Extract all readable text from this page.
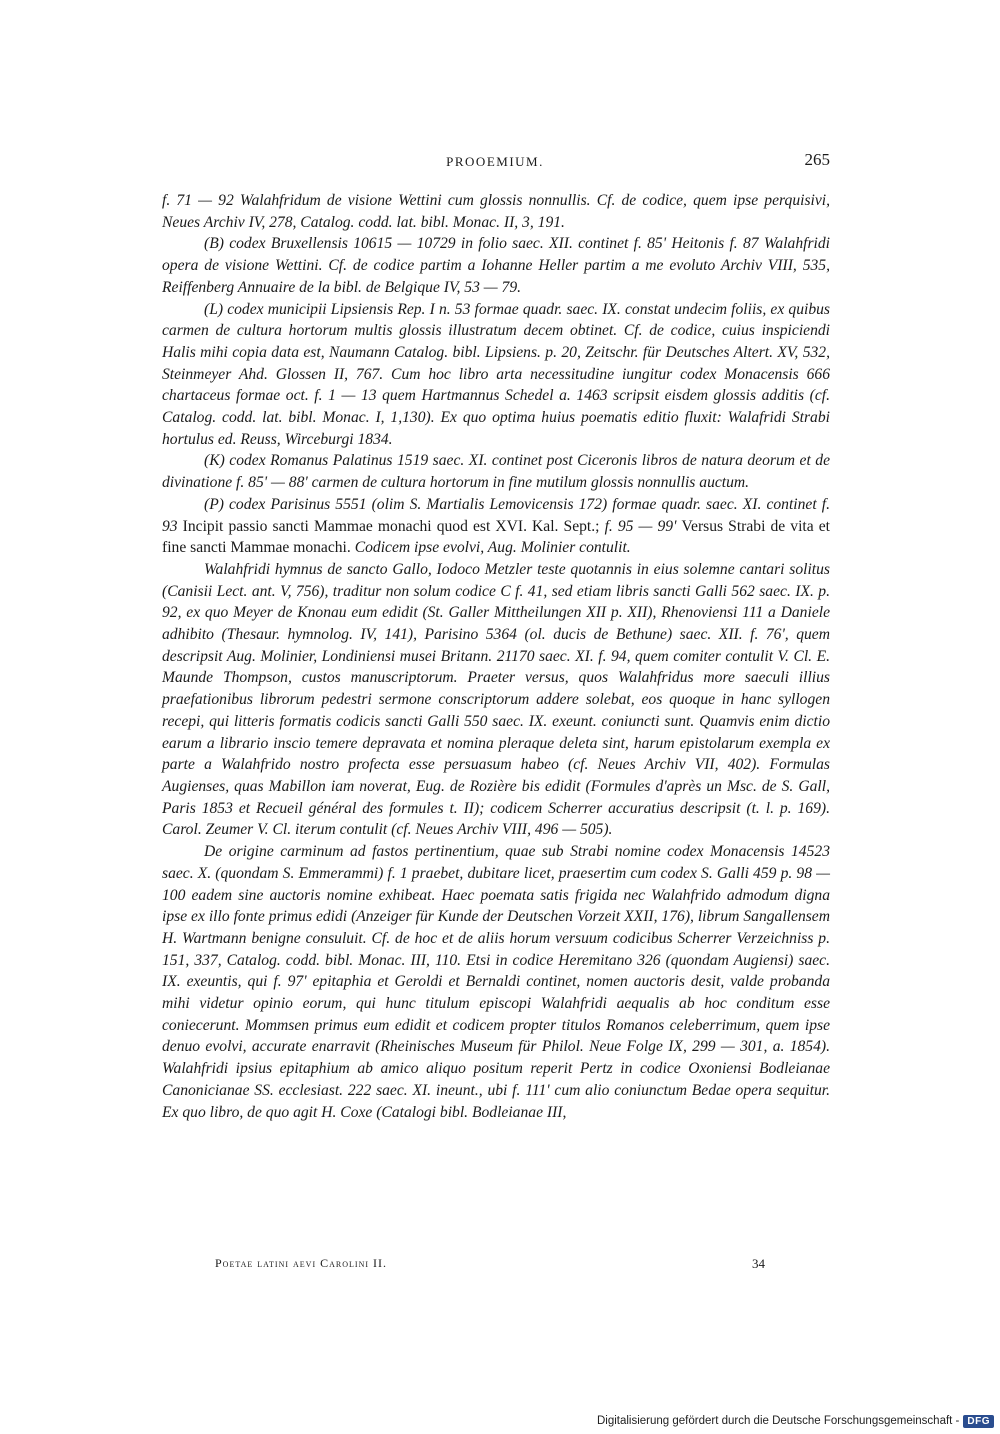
PROOEMIUM.	265

f. 71 — 92 Walahfridum de visione Wettini cum glossis nonnullis. Cf. de codice, quem ipse perquisivi, Neues Archiv IV, 278, Catalog. codd. lat. bibl. Monac. II, 3, 191.

(B) codex Bruxellensis 10615 — 10729 in folio saec. XII. continet f. 85' Heitonis f. 87 Walahfridi opera de visione Wettini. Cf. de codice partim a Iohanne Heller partim a me evoluto Archiv VIII, 535, Reiffenberg Annuaire de la bibl. de Belgique IV, 53 — 79.

(L) codex municipii Lipsiensis Rep. I n. 53 formae quadr. saec. IX. constat undecim foliis, ex quibus carmen de cultura hortorum multis glossis illustratum decem obtinet. Cf. de codice, cuius inspiciendi Halis mihi copia data est, Naumann Catalog. bibl. Lipsiens. p. 20, Zeitschr. für Deutsches Altert. XV, 532, Steinmeyer Ahd. Glossen II, 767. Cum hoc libro arta necessitudine iungitur codex Monacensis 666 chartaceus formae oct. f. 1 — 13 quem Hartmannus Schedel a. 1463 scripsit eisdem glossis additis (cf. Catalog. codd. lat. bibl. Monac. I, 1,130). Ex quo optima huius poematis editio fluxit: Walafridi Strabi hortulus ed. Reuss, Wirceburgi 1834.

(K) codex Romanus Palatinus 1519 saec. XI. continet post Ciceronis libros de natura deorum et de divinatione f. 85' — 88' carmen de cultura hortorum in fine mutilum glossis nonnullis auctum.

(P) codex Parisinus 5551 (olim S. Martialis Lemovicensis 172) formae quadr. saec. XI. continet f. 93 Incipit passio sancti Mammae monachi quod est XVI. Kal. Sept.; f. 95 — 99' Versus Strabi de vita et fine sancti Mammae monachi. Codicem ipse evolvi, Aug. Molinier contulit.

Walahfridi hymnus de sancto Gallo, Iodoco Metzler teste quotannis in eius solemne cantari solitus (Canisii Lect. ant. V, 756), traditur non solum codice C f. 41, sed etiam libris sancti Galli 562 saec. IX. p. 92, ex quo Meyer de Knonau eum edidit (St. Galler Mittheilungen XII p. XII), Rhenoviensi 111 a Daniele adhibito (Thesaur. hymnolog. IV, 141), Parisino 5364 (ol. ducis de Bethune) saec. XII. f. 76', quem descripsit Aug. Molinier, Londiniensi musei Britann. 21170 saec. XI. f. 94, quem comiter contulit V. Cl. E. Maunde Thompson, custos manuscriptorum. Praeter versus, quos Walahfridus more saeculi illius praefationibus librorum pedestri sermone conscriptorum addere solebat, eos quoque in hanc syllogen recepi, qui litteris formatis codicis sancti Galli 550 saec. IX. exeunt. coniuncti sunt. Quamvis enim dictio earum a librario inscio temere depravata et nomina pleraque deleta sint, harum epistolarum exempla ex parte a Walahfrido nostro profecta esse persuasum habeo (cf. Neues Archiv VII, 402). Formulas Augienses, quas Mabillon iam noverat, Eug. de Rozière bis edidit (Formules d'après un Msc. de S. Gall, Paris 1853 et Recueil général des formules t. II); codicem Scherrer accuratius descripsit (t. l. p. 169). Carol. Zeumer V. Cl. iterum contulit (cf. Neues Archiv VIII, 496 — 505).

De origine carminum ad fastos pertinentium, quae sub Strabi nomine codex Monacensis 14523 saec. X. (quondam S. Emmerammi) f. 1 praebet, dubitare licet, praesertim cum codex S. Galli 459 p. 98 — 100 eadem sine auctoris nomine exhibeat. Haec poemata satis frigida nec Walahfrido admodum digna ipse ex illo fonte primus edidi (Anzeiger für Kunde der Deutschen Vorzeit XXII, 176), librum Sangallensem H. Wartmann benigne consuluit. Cf. de hoc et de aliis horum versuum codicibus Scherrer Verzeichniss p. 151, 337, Catalog. codd. bibl. Monac. III, 110. Etsi in codice Heremitano 326 (quondam Augiensi) saec. IX. exeuntis, qui f. 97' epitaphia et Geroldi et Bernaldi continet, nomen auctoris desit, valde probanda mihi videtur opinio eorum, qui hunc titulum episcopi Walahfridi aequalis ab hoc conditum esse coniecerunt. Mommsen primus eum edidit et codicem propter titulos Romanos celeberrimum, quem ipse denuo evolvi, accurate enarravit (Rheinisches Museum für Philol. Neue Folge IX, 299 — 301, a. 1854). Walahfridi ipsius epitaphium ab amico aliquo positum reperit Pertz in codice Oxoniensi Bodleianae Canonicianae SS. ecclesiast. 222 saec. XI. ineunt., ubi f. 111' cum alio coniunctum Bedae opera sequitur. Ex quo libro, de quo agit H. Coxe (Catalogi bibl. Bodleianae III,

Poetae latini aevi Carolini II.	34
Digitalisierung gefördert durch die Deutsche Forschungsgemeinschaft - DFG
